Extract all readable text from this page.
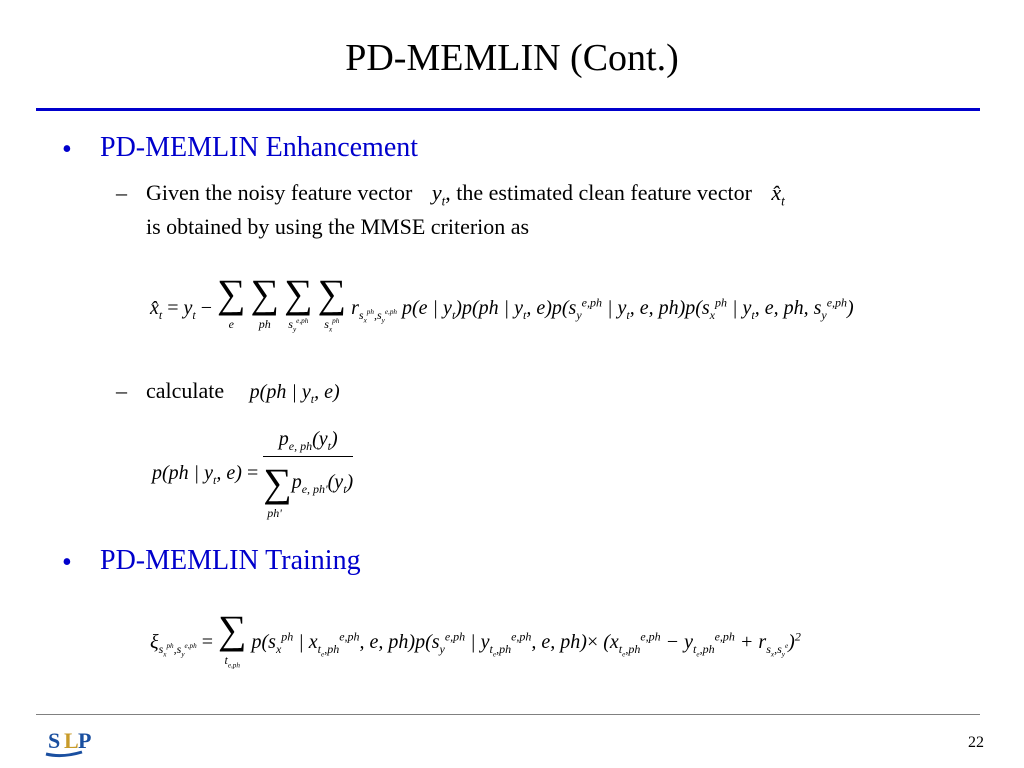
PD-MEMLIN (Cont.)
• PD-MEMLIN Enhancement
– Given the noisy feature vector $y_t$, the estimated clean feature vector $x̂_t$
is obtained by using the MMSE criterion as
$x̂_t = y_t$ − ∑
e
∑
ph
∑
$s_y^{e,ph}$
∑
$s_x^{ph}$
$r_{s_x^{ph},s_y^{e,ph}}$ p(e | $y_t)p(ph$ | $y_t$, $e)p(s_y^{e,ph}$ | $y_t$, e, $ph)p(s_x^{ph}$ | $y_t$, e, ph, $s_y^{e,ph}$)
– calculate p(ph | $y_t$, e)
p(ph | $y_t$, $e) = p_{e, ph}(y_t)$
$\sum p_{e, ph'}(y_t)$
ph'
• PD-MEMLIN Training
$\xi_{s_x^{ph},s_y^{e,ph}}$ = ∑
$t_{e,ph}$
$p(s_x^{ph}$ | $x_{t_e,ph}^{e,ph}$, e, $ph)p(s_y^{e,ph}$ | $y_{t_e,ph}^{e,ph}$, e, $ph)\times (x_{t_e,ph}^{e,ph} - y_{t_e,ph}^{e,ph} + r_{s_x,s_y^e})^2$
S L P	22
